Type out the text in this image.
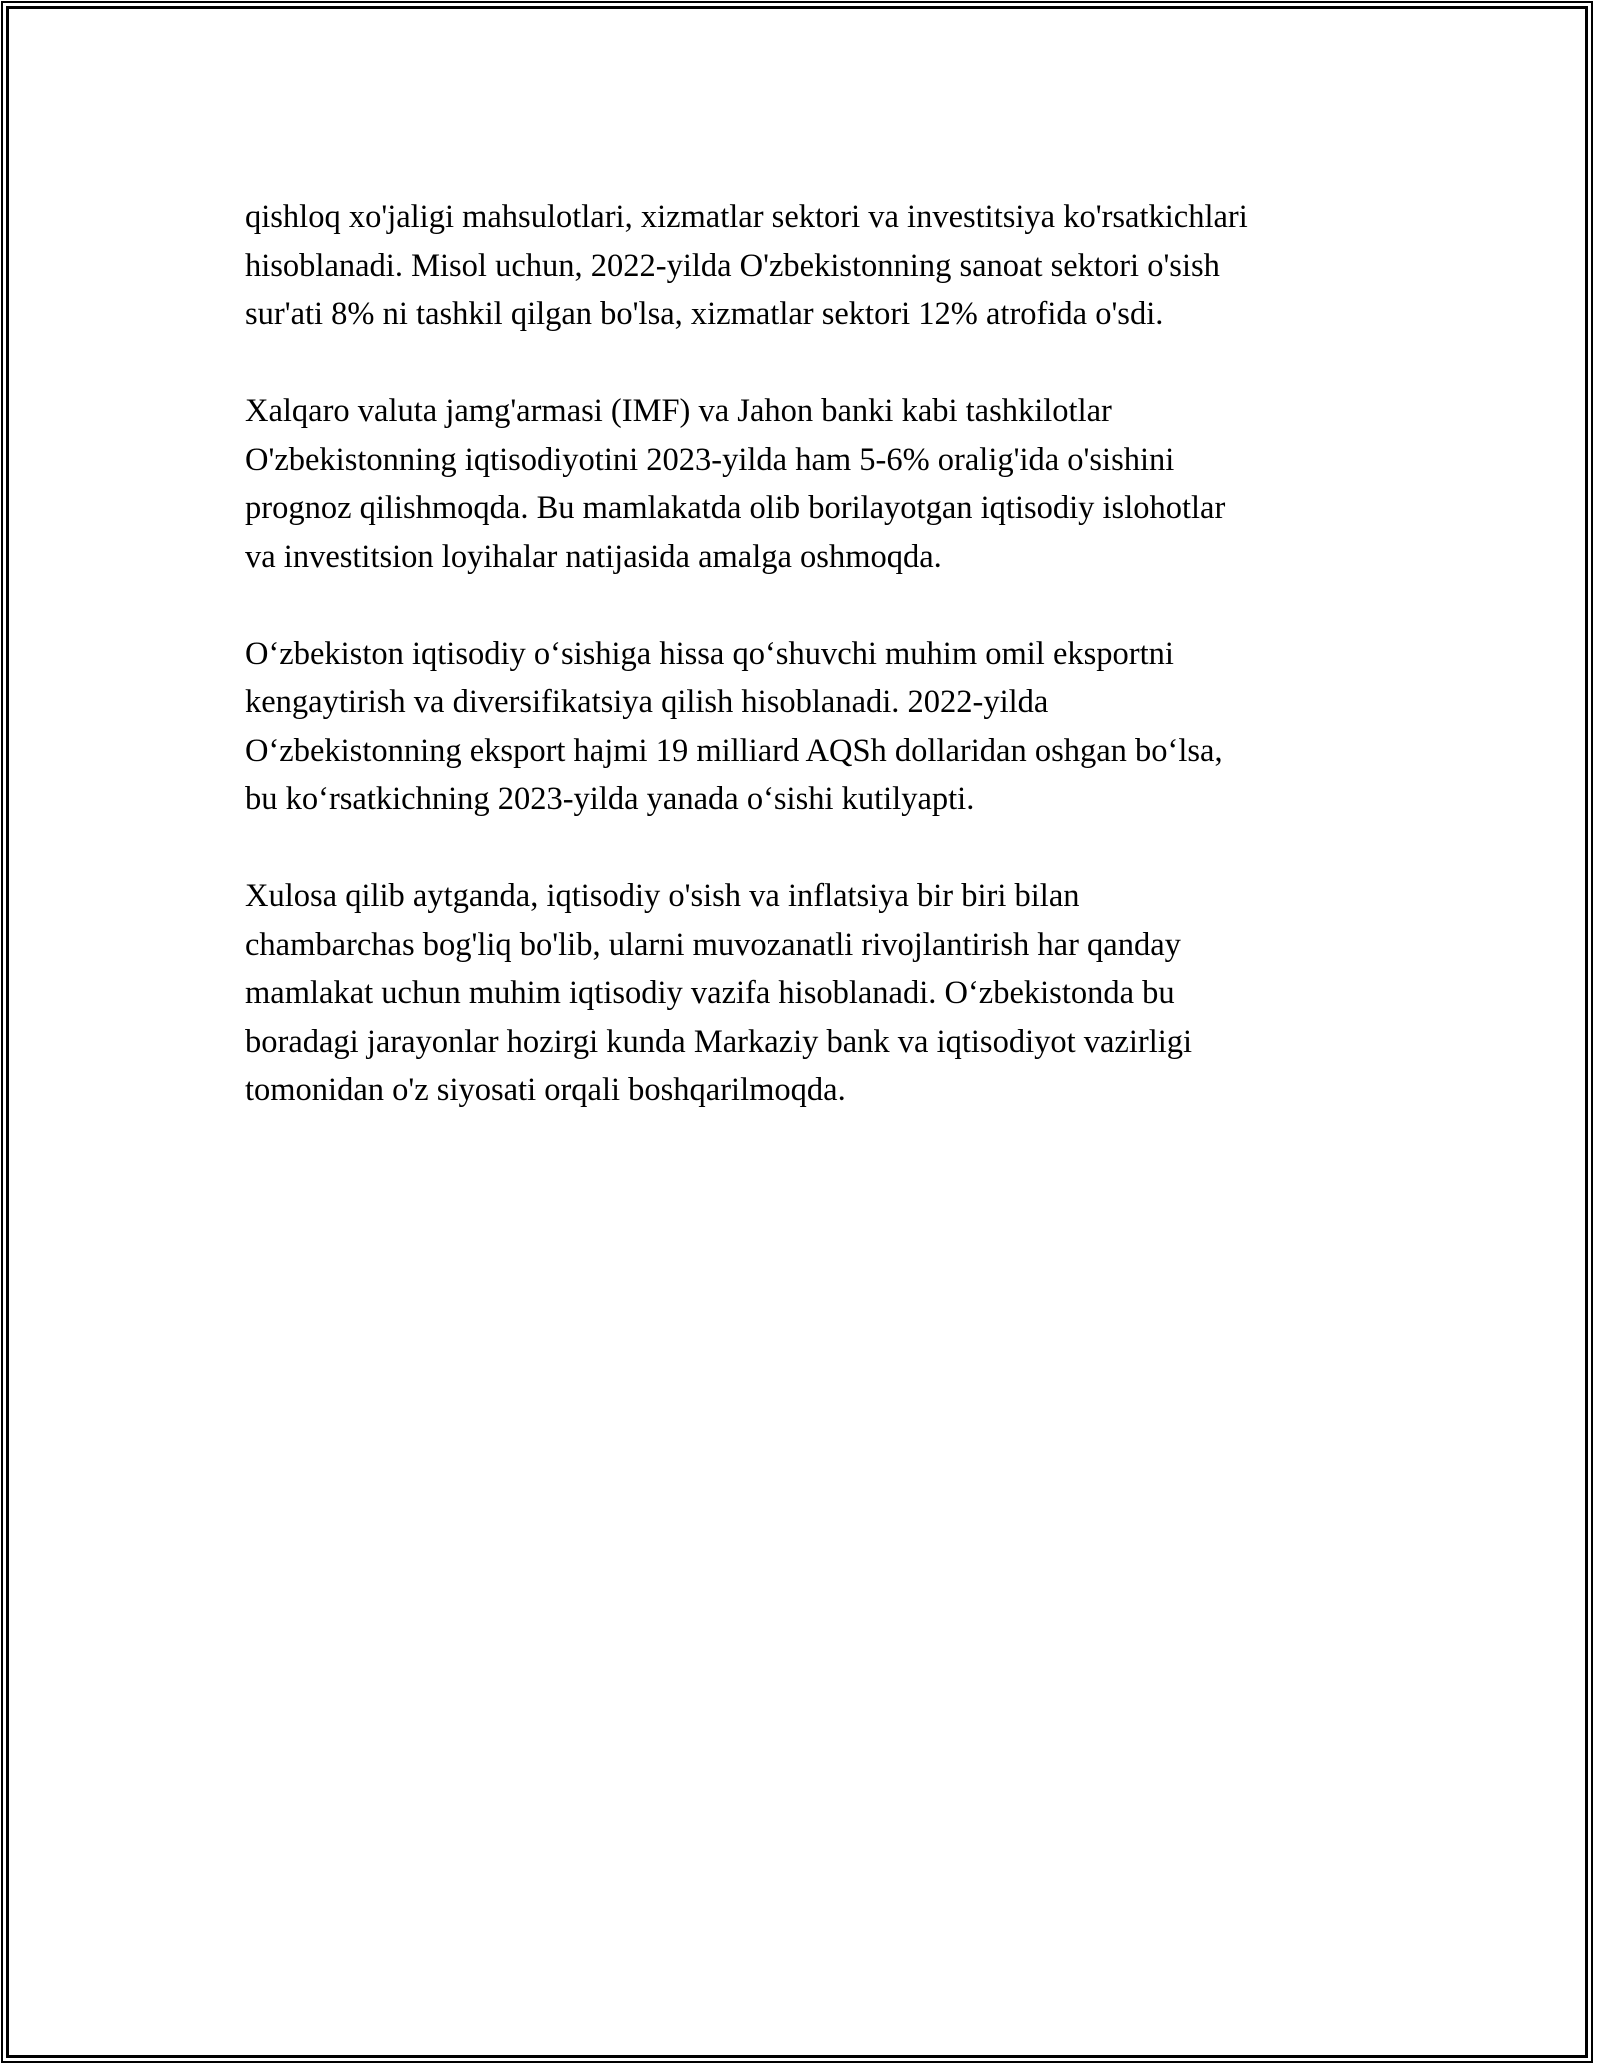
qishloq xo'jaligi mahsulotlari, xizmatlar sektori va investitsiya ko'rsatkichlari
hisoblanadi. Misol uchun, 2022-yilda O'zbekistonning sanoat sektori o'sish
sur'ati 8% ni tashkil qilgan bo'lsa, xizmatlar sektori 12% atrofida o'sdi.

Xalqaro valuta jamg'armasi (IMF) va Jahon banki kabi tashkilotlar
O'zbekistonning iqtisodiyotini 2023-yilda ham 5-6% oralig'ida o'sishini
prognoz qilishmoqda. Bu mamlakatda olib borilayotgan iqtisodiy islohotlar
va investitsion loyihalar natijasida amalga oshmoqda.

O‘zbekiston iqtisodiy o‘sishiga hissa qo‘shuvchi muhim omil eksportni
kengaytirish va diversifikatsiya qilish hisoblanadi. 2022-yilda
O‘zbekistonning eksport hajmi 19 milliard AQSh dollaridan oshgan bo‘lsa,
bu ko‘rsatkichning 2023-yilda yanada o‘sishi kutilyapti.

Xulosa qilib aytganda, iqtisodiy o'sish va inflatsiya bir biri bilan
chambarchas bog'liq bo'lib, ularni muvozanatli rivojlantirish har qanday
mamlakat uchun muhim iqtisodiy vazifa hisoblanadi. O‘zbekistonda bu
boradagi jarayonlar hozirgi kunda Markaziy bank va iqtisodiyot vazirligi
tomonidan o'z siyosati orqali boshqarilmoqda.
